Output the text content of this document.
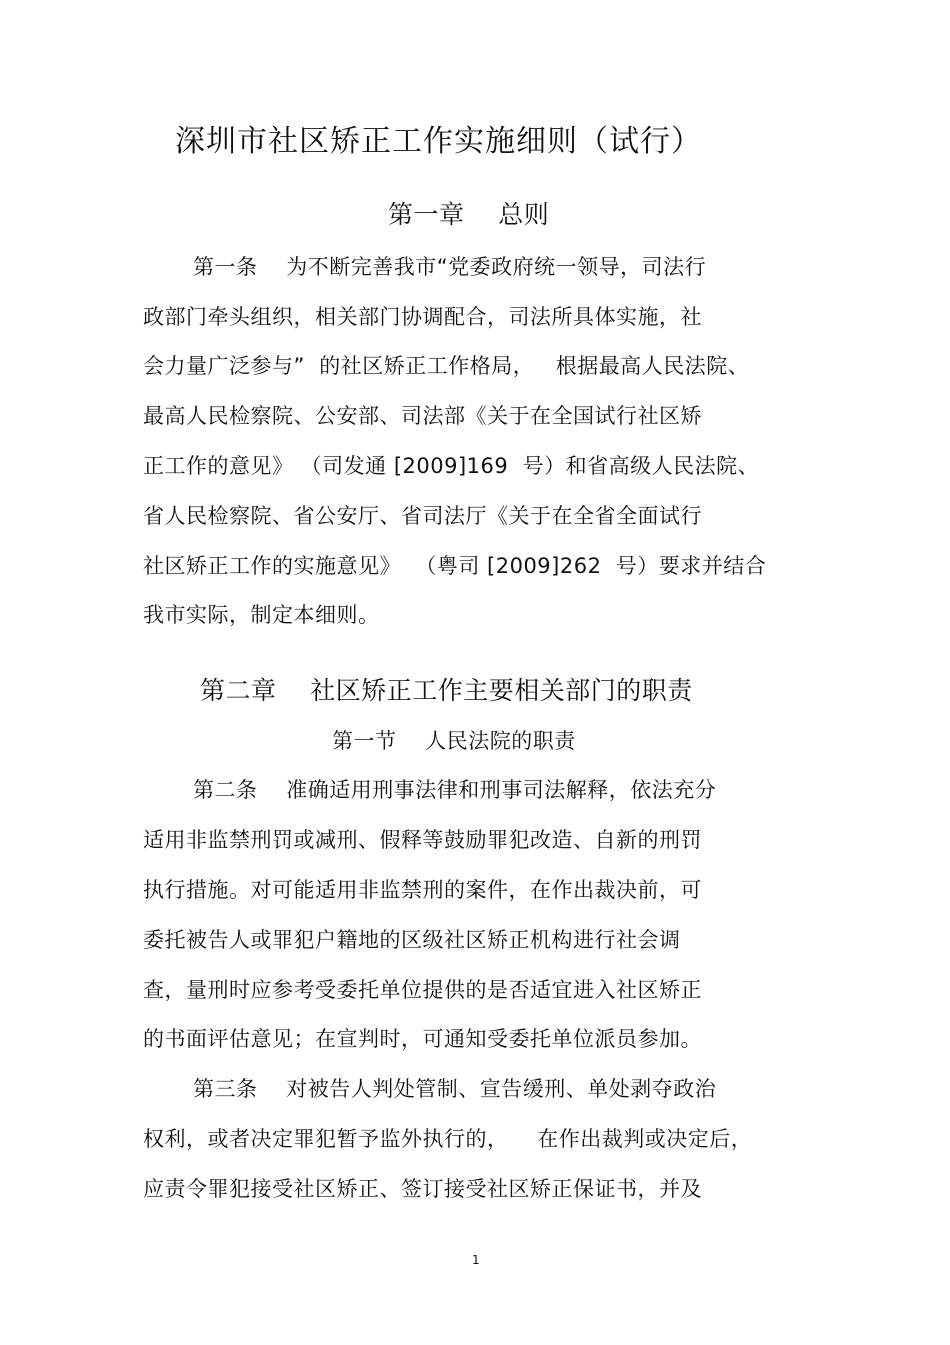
深圳市社区矫正工作实施细则（试行）
第一章    总则
第一条    为不断完善我市“党委政府统一领导，司法行
政部门牵头组织，相关部门协调配合，司法所具体实施，社
会力量广泛参与”  的社区矫正工作格局，   根据最高人民法院、
最高人民检察院、公安部、司法部《关于在全国试行社区矫
正工作的意见》 （司发通 [2009]169  号）和省高级人民法院、
省人民检察院、省公安厅、省司法厅《关于在全省全面试行
社区矫正工作的实施意见》  （粤司 [2009]262  号）要求并结合
我市实际，制定本细则。
第二章    社区矫正工作主要相关部门的职责
第一节    人民法院的职责
第二条    准确适用刑事法律和刑事司法解释，依法充分
适用非监禁刑罚或减刑、假释等鼓励罪犯改造、自新的刑罚
执行措施。对可能适用非监禁刑的案件，在作出裁决前，可
委托被告人或罪犯户籍地的区级社区矫正机构进行社会调
查，量刑时应参考受委托单位提供的是否适宜进入社区矫正
的书面评估意见；在宣判时，可通知受委托单位派员参加。
第三条    对被告人判处管制、宣告缓刑、单处剥夺政治
权利，或者决定罪犯暂予监外执行的，    在作出裁判或决定后，
应责令罪犯接受社区矫正、签订接受社区矫正保证书，并及
1
